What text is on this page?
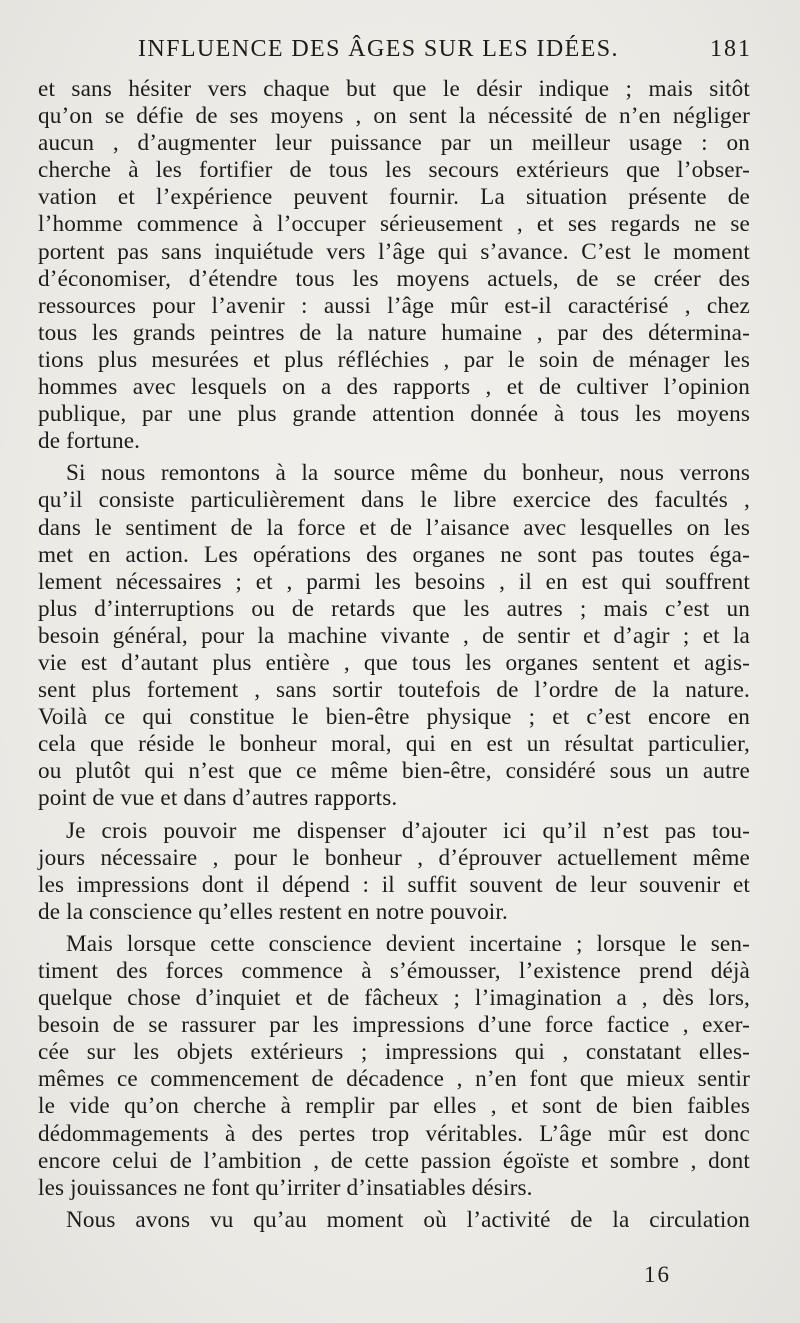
INFLUENCE DES ÂGES SUR LES IDÉES.	181
et sans hésiter vers chaque but que le désir indique ; mais sitôt
qu’on se défie de ses moyens , on sent la nécessité de n’en négliger
aucun , d’augmenter leur puissance par un meilleur usage : on
cherche à les fortifier de tous les secours extérieurs que l’obser-
vation et l’expérience peuvent fournir. La situation présente de
l’homme commence à l’occuper sérieusement , et ses regards ne se
portent pas sans inquiétude vers l’âge qui s’avance. C’est le moment
d’économiser, d’étendre tous les moyens actuels, de se créer des
ressources pour l’avenir : aussi l’âge mûr est-il caractérisé , chez
tous les grands peintres de la nature humaine , par des détermina-
tions plus mesurées et plus réfléchies , par le soin de ménager les
hommes avec lesquels on a des rapports , et de cultiver l’opinion
publique, par une plus grande attention donnée à tous les moyens
de fortune.
Si nous remontons à la source même du bonheur, nous verrons
qu’il consiste particulièrement dans le libre exercice des facultés ,
dans le sentiment de la force et de l’aisance avec lesquelles on les
met en action. Les opérations des organes ne sont pas toutes éga-
lement nécessaires ; et , parmi les besoins , il en est qui souffrent
plus d’interruptions ou de retards que les autres ; mais c’est un
besoin général, pour la machine vivante , de sentir et d’agir ; et la
vie est d’autant plus entière , que tous les organes sentent et agis-
sent plus fortement , sans sortir toutefois de l’ordre de la nature.
Voilà ce qui constitue le bien-être physique ; et c’est encore en
cela que réside le bonheur moral, qui en est un résultat particulier,
ou plutôt qui n’est que ce même bien-être, considéré sous un autre
point de vue et dans d’autres rapports.
Je crois pouvoir me dispenser d’ajouter ici qu’il n’est pas tou-
jours nécessaire , pour le bonheur , d’éprouver actuellement même
les impressions dont il dépend : il suffit souvent de leur souvenir et
de la conscience qu’elles restent en notre pouvoir.
Mais lorsque cette conscience devient incertaine ; lorsque le sen-
timent des forces commence à s’émousser, l’existence prend déjà
quelque chose d’inquiet et de fâcheux ; l’imagination a , dès lors,
besoin de se rassurer par les impressions d’une force factice , exer-
cée sur les objets extérieurs ; impressions qui , constatant elles-
mêmes ce commencement de décadence , n’en font que mieux sentir
le vide qu’on cherche à remplir par elles , et sont de bien faibles
dédommagements à des pertes trop véritables. L’âge mûr est donc
encore celui de l’ambition , de cette passion égoïste et sombre , dont
les jouissances ne font qu’irriter d’insatiables désirs.
Nous avons vu qu’au moment où l’activité de la circulation
16
